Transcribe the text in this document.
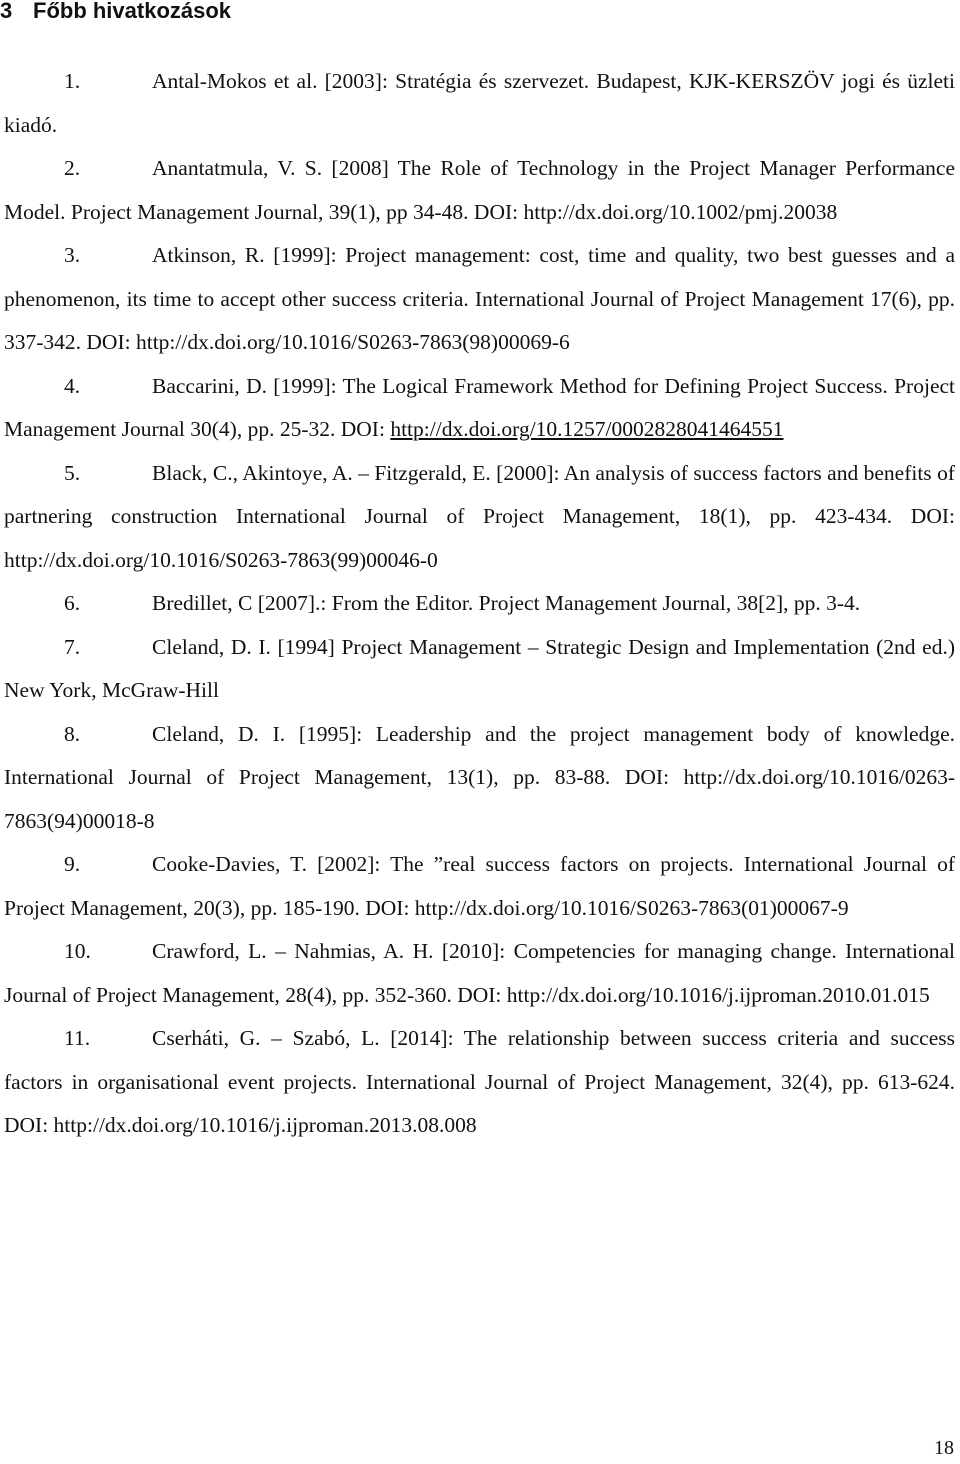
3 Főbb hivatkozások

1.	Antal-Mokos et al. [2003]: Stratégia és szervezet. Budapest, KJK-KERSZÖV jogi és üzleti kiadó.

2.	Anantatmula, V. S. [2008] The Role of Technology in the Project Manager Performance Model. Project Management Journal, 39(1), pp 34-48. DOI: http://dx.doi.org/10.1002/pmj.20038

3.	Atkinson, R. [1999]: Project management: cost, time and quality, two best guesses and a phenomenon, its time to accept other success criteria. International Journal of Project Management 17(6), pp. 337-342. DOI: http://dx.doi.org/10.1016/S0263-7863(98)00069-6

4.	Baccarini, D. [1999]: The Logical Framework Method for Defining Project Success. Project Management Journal 30(4), pp. 25-32. DOI: http://dx.doi.org/10.1257/0002828041464551

5.	Black, C., Akintoye, A. – Fitzgerald, E. [2000]: An analysis of success factors and benefits of partnering construction International Journal of Project Management, 18(1), pp. 423-434. DOI: http://dx.doi.org/10.1016/S0263-7863(99)00046-0

6.	Bredillet, C [2007].: From the Editor. Project Management Journal, 38[2], pp. 3-4.

7.	Cleland, D. I. [1994] Project Management – Strategic Design and Implementation (2nd ed.) New York, McGraw-Hill

8.	Cleland, D. I. [1995]: Leadership and the project management body of knowledge. International Journal of Project Management, 13(1), pp. 83-88. DOI: http://dx.doi.org/10.1016/0263-7863(94)00018-8

9.	Cooke-Davies, T. [2002]: The ”real success factors on projects. International Journal of Project Management, 20(3), pp. 185-190. DOI: http://dx.doi.org/10.1016/S0263-7863(01)00067-9

10.	Crawford, L. – Nahmias, A. H. [2010]: Competencies for managing change. International Journal of Project Management, 28(4), pp. 352-360. DOI: http://dx.doi.org/10.1016/j.ijproman.2010.01.015

11.	Cserháti, G. – Szabó, L. [2014]: The relationship between success criteria and success factors in organisational event projects. International Journal of Project Management, 32(4), pp. 613-624. DOI: http://dx.doi.org/10.1016/j.ijproman.2013.08.008

18
